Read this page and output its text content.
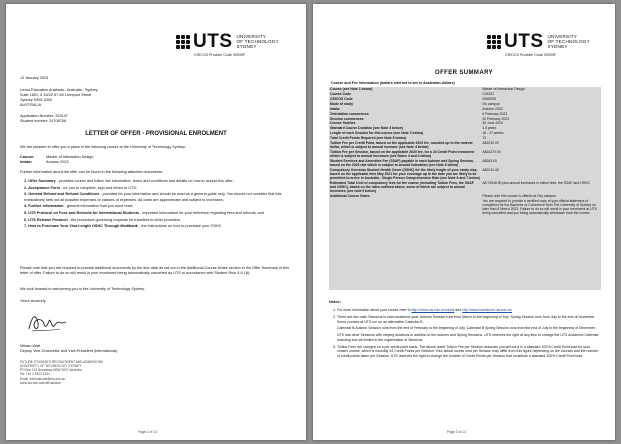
UTS UNIVERSITY
OF TECHNOLOGY
SYDNEY
CRICOS Provider Code 00099F
12 January 2023
Lexus Education Australia - Australia - Sydney
Suite 1601, 6 16/22 67-69 Liverpool Street
Sydney NSW 2000
AUSTRALIA
Application Number: 293147
Student number: 24708768
LETTER OF OFFER - PROVISIONAL ENROLMENT
We are pleased to offer you a place in the following course at the University of Technology Sydney:
Course:	Master of Interaction Design
Intake:	Autumn 2023
Further information about the offer can be found in the following attached documents:
1. Offer Summary - provides course and tuition fee information, terms and conditions and details on how to accept this offer;
2. Acceptance Form - for you to complete, sign and return to UTS;
3. General Refund and Refund Conditions - provided for your information and should be read as a general guide only. You should not consider that this exhaustively sets out all possible expenses or classes of expenses. All costs are approximate and subject to increases;
4. Further information - general information that you must read;
5. UTS Protocol on Fees and Refunds for International Students - important information for your reference regarding fees and refunds; and
6. UTS Release Protocol - the procedure governing requests for transfers to other providers.
7. How to Purchase Your Visa Length OSHC Through Medibank - the instructions on how to purchase your OSHC
Please note that you are required to provide additional documents by the due date as set out in the Additional Course Notes section in the Offer Summary of this letter of offer. Failure to do so will result in your enrolment being automatically cancelled by UTS in accordance with Student Rule 5.6.1(f).
We look forward to welcoming you to the University of Technology Sydney.
Yours sincerely
Miriam Watt
Deputy Vice-Chancellor and Vice-President (International)
FUTURE STUDENTS RECRUITMENT AND ADMISSIONS
UNIVERSITY OF TECHNOLOGY SYDNEY
PO Box 123 Broadway NSW 2007 Australia
Tel: +61 2 9514 1531
Email: international@uts.edu.au
www.uts.edu.au/international
Page 1 of 14
UTS UNIVERSITY
OF TECHNOLOGY
SYDNEY
CRICOS Provider Code 00099F
OFFER SUMMARY
Course and Fee Information (dollars referred to are in Australian dollars)
Course (see Note 1 below)	Master of Interaction Design
Course Code	C04222
CRICOS Code	096529G
Mode of study	On campus
Intake	Autumn 2023
Orientation commences	6 February 2023
Session commences	20 February 2023
Course finishes	30 June 2024
Standard Course Duration (see Note 3 below)	1.5 years
Length of each Session for this course (see Note 2 below)	16 - 17 weeks
Total Credit Points Required (see Note 5 below)	72
Tuition Fee per Credit Point, based on the applicable 2023 fee, rounded up to the nearest dollar, which is subject to annual increase (see Note 4 below)	A$1012.00
Tuition Fee per Session, based on the applicable 2023 fee, for a 24 Credit Point enrolment which is subject to annual increases (see Notes 3 and 4 below)	A$24270.00
Student Services and Amenities Fee (SSAF) payable in each Autumn and Spring Session, based on the 2023 rate which is subject to annual indexation (see Note 6 below)	A$163.00
Compulsory Overseas Student Health Cover (OSHC) for the likely length of your study visa, based on the applicable fees May 2021 for your coverage up to the date you are likely to be permitted to arrive in Australia - Single Person Comprehensive Rate (see Note 6 and 7 below)	A$1012.40
Estimated Total Cost of compulsory fees for the course (including Tuition Fees, the SSAF and OSHC), based on the rates outlined above, some of which are subject to annual increases (see note 9 below)	A$ 74946.90 plus annual increases in tuition fees, the SSAF and OSHC
Additional Course Notes	Please note this course is offered at City campus.
	You are required to provide a certified copy of your official statement of completion for the Bachelor of Commerce from The University of Sydney no later than 8 March 2023. Failure to do so will result in your enrolment at UTS being cancelled and you being automatically withdrawn from the course.
Notes:
1. For more information about your course refer to http://www.uts.edu.au/study and http://www.handbook.uts.edu.au
2. There are two main Sessions in each academic year, Autumn Session runs from March to the beginning of July. Spring Session runs from July to the end of November. Some courses at UTS run on an alternative Calendar B.
Calendar B Autumn Session runs from the end of February to the beginning of July. Calendar B Spring Session runs from the end of July to the beginning of December.
UTS has other Sessions with varying durations in addition to the Autumn and Spring Sessions. UTS reserves the right at any time to change the UTS Academic Calendar including but not limited to the organisation of Sessions.
3. Tuition Fees are charged on a per-credit-point basis. The above noted Tuition Fee per Session assumes you will enrol in a standard 100% Credit Point load for your chosen course, which is normally 24 Credit Points per Session. Your actual course cost per Session may differ from this figure depending on the courses and the number of credit points taken per Session. UTS reserves the right to change the number of Credit Points per Session that constitute a standard 100% Credit Point load.
Page 2 of 14
